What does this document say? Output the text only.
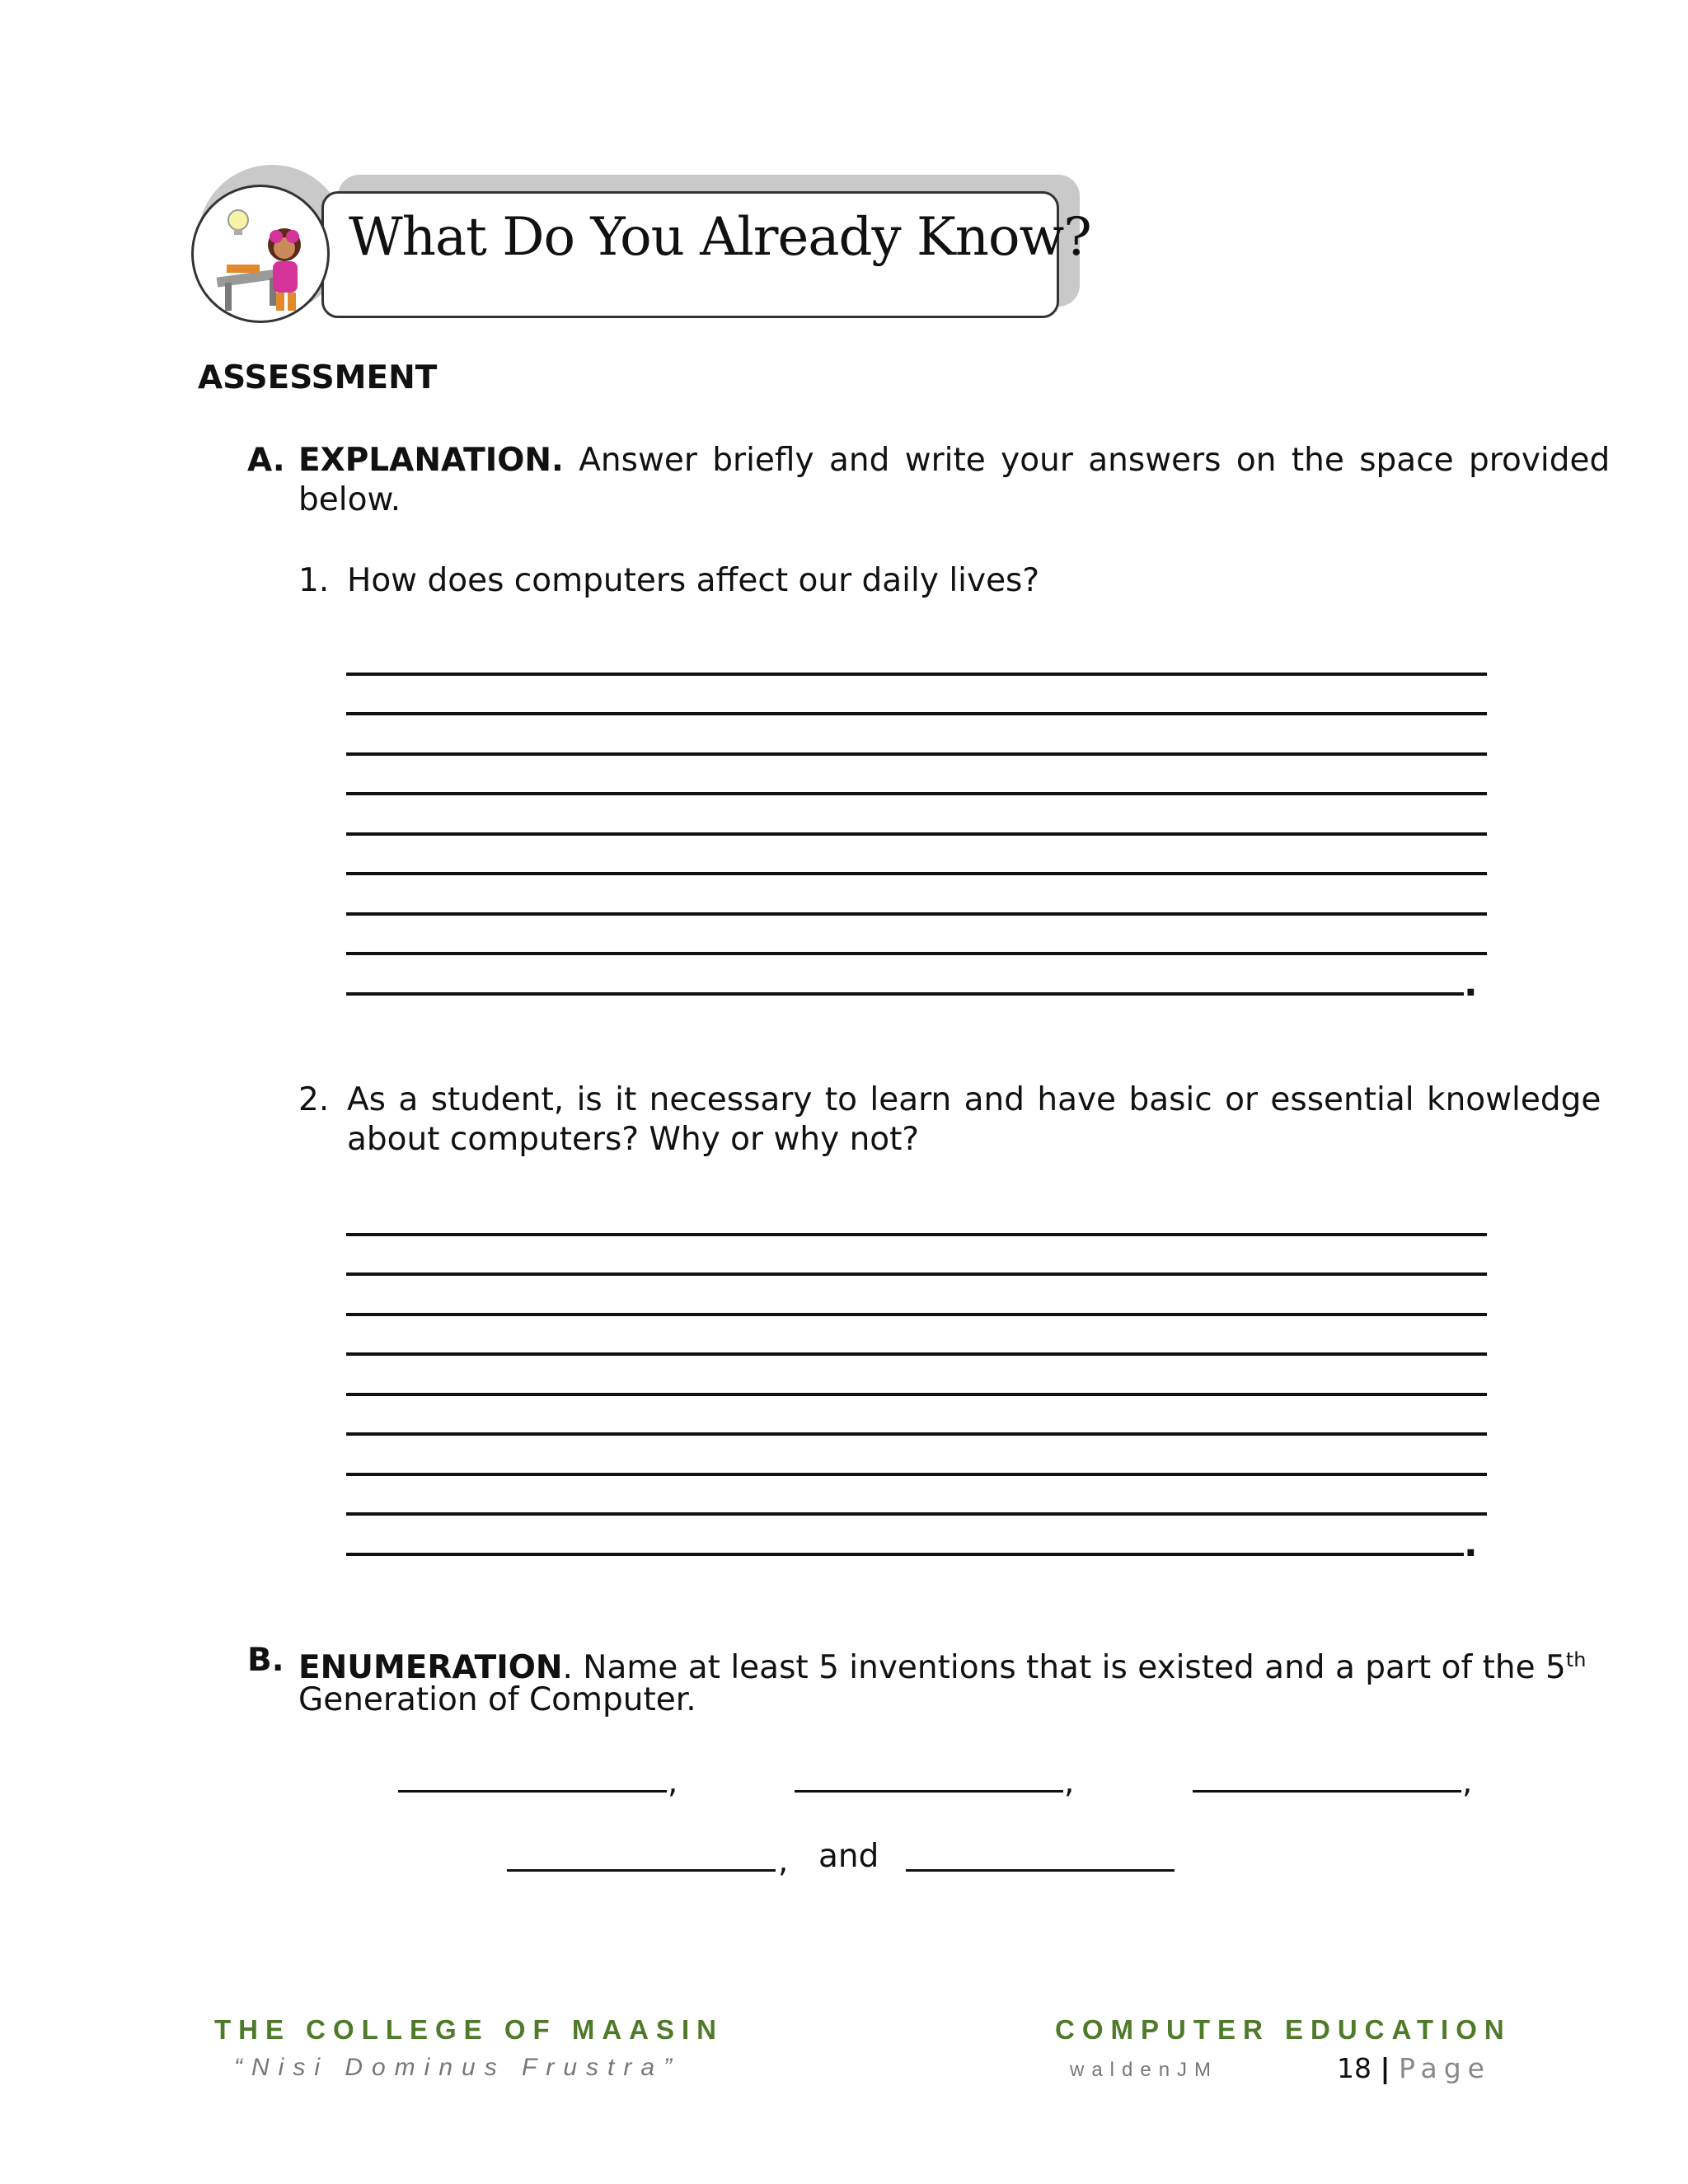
What Do You Already Know?
ASSESSMENT
A. EXPLANATION. Answer briefly and write your answers on the space provided
below.
1. How does computers affect our daily lives?
.
2. As a student, is it necessary to learn and have basic or essential knowledge
about computers? Why or why not?
.
B. ENUMERATION. Name at least 5 inventions that is existed and a part of the 5th
Generation of Computer.
,	,	,
, and
THE COLLEGE OF MAASIN
“Nisi Dominus Frustra”
COMPUTER EDUCATION
waldenJM	18 | Page
